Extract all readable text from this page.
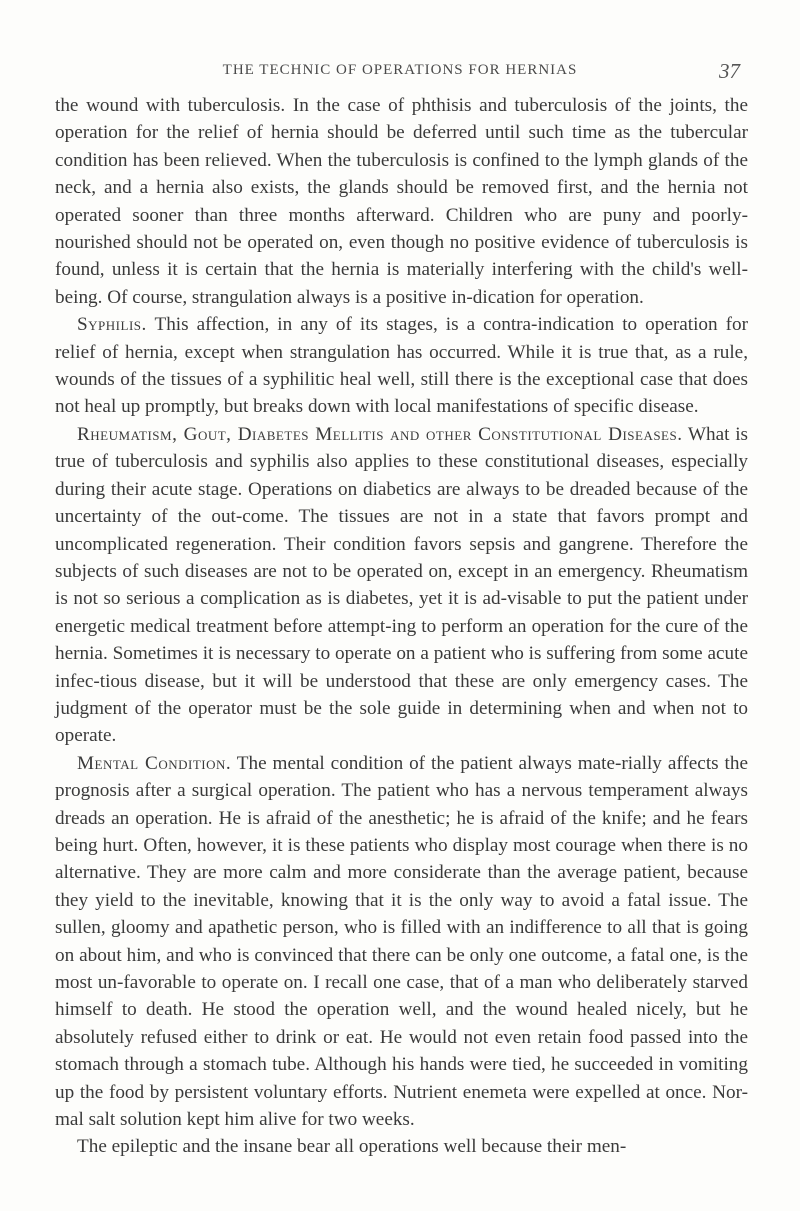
THE TECHNIC OF OPERATIONS FOR HERNIAS	37

the wound with tuberculosis. In the case of phthisis and tuberculosis of the joints, the operation for the relief of hernia should be deferred until such time as the tubercular condition has been relieved. When the tuberculosis is confined to the lymph glands of the neck, and a hernia also exists, the glands should be removed first, and the hernia not operated sooner than three months afterward. Children who are puny and poorly-nourished should not be operated on, even though no positive evidence of tuberculosis is found, unless it is certain that the hernia is materially interfering with the child's well-being. Of course, strangulation always is a positive in-dication for operation.

Syphilis. This affection, in any of its stages, is a contra-indication to operation for relief of hernia, except when strangulation has occurred. While it is true that, as a rule, wounds of the tissues of a syphilitic heal well, still there is the exceptional case that does not heal up promptly, but breaks down with local manifestations of specific disease.

Rheumatism, Gout, Diabetes Mellitis and other Constitutional Diseases. What is true of tuberculosis and syphilis also applies to these constitutional diseases, especially during their acute stage. Operations on diabetics are always to be dreaded because of the uncertainty of the out-come. The tissues are not in a state that favors prompt and uncomplicated regeneration. Their condition favors sepsis and gangrene. Therefore the subjects of such diseases are not to be operated on, except in an emergency. Rheumatism is not so serious a complication as is diabetes, yet it is ad-visable to put the patient under energetic medical treatment before attempt-ing to perform an operation for the cure of the hernia. Sometimes it is necessary to operate on a patient who is suffering from some acute infec-tious disease, but it will be understood that these are only emergency cases. The judgment of the operator must be the sole guide in determining when and when not to operate.

Mental Condition. The mental condition of the patient always mate-rially affects the prognosis after a surgical operation. The patient who has a nervous temperament always dreads an operation. He is afraid of the anesthetic; he is afraid of the knife; and he fears being hurt. Often, however, it is these patients who display most courage when there is no alternative. They are more calm and more considerate than the average patient, because they yield to the inevitable, knowing that it is the only way to avoid a fatal issue. The sullen, gloomy and apathetic person, who is filled with an indifference to all that is going on about him, and who is convinced that there can be only one outcome, a fatal one, is the most un-favorable to operate on. I recall one case, that of a man who deliberately starved himself to death. He stood the operation well, and the wound healed nicely, but he absolutely refused either to drink or eat. He would not even retain food passed into the stomach through a stomach tube. Although his hands were tied, he succeeded in vomiting up the food by persistent voluntary efforts. Nutrient enemeta were expelled at once. Nor-mal salt solution kept him alive for two weeks.

The epileptic and the insane bear all operations well because their men-
